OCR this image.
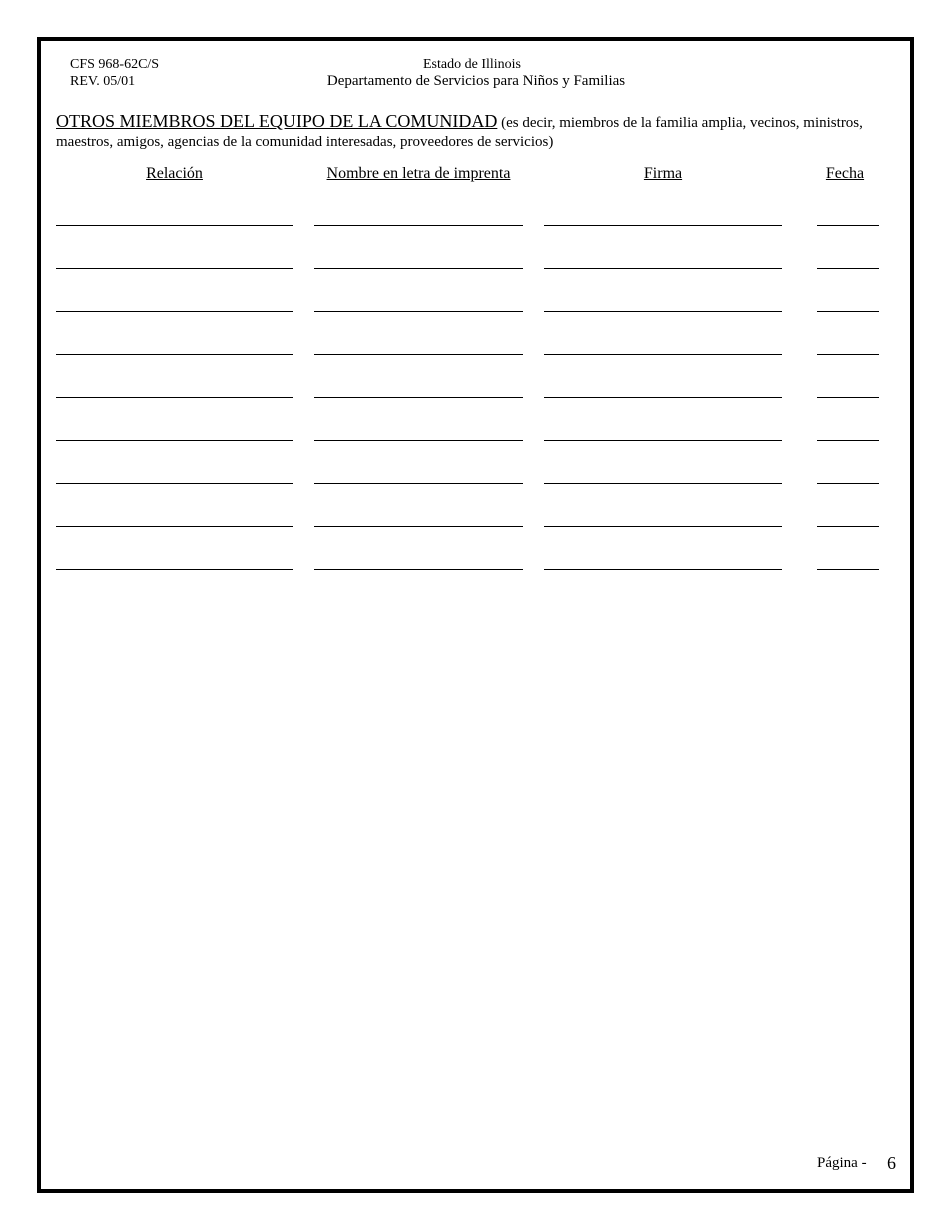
CFS 968-62C/S
REV. 05/01
Estado de Illinois
Departamento de Servicios para Niños y Familias
OTROS MIEMBROS DEL EQUIPO DE LA COMUNIDAD (es decir, miembros de la familia amplia, vecinos, ministros, maestros, amigos, agencias de la comunidad interesadas, proveedores de servicios)
Relación	Nombre en letra de imprenta	Firma	Fecha
Página - 6
